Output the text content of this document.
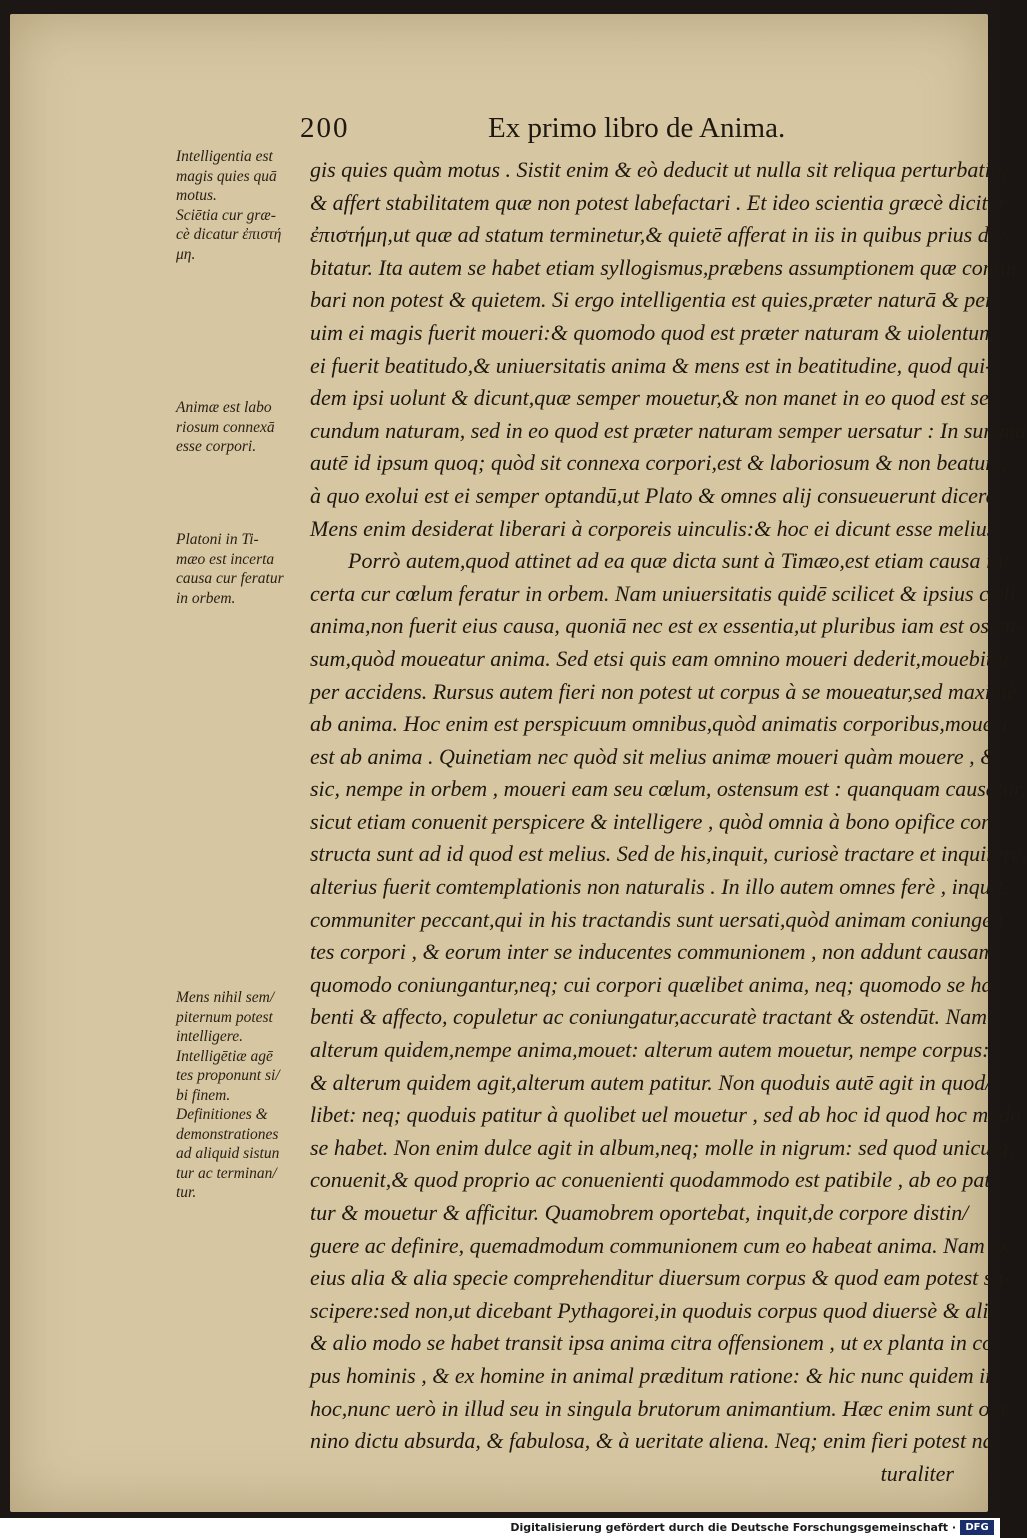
200	Ex primo libro de Anima.
gis quies quàm motus . Sistit enim & eò deducit ut nulla sit reliqua perturbatio,
& affert stabilitatem quæ non potest labefactari . Et ideo scientia græcè dicitur
ἐπιστήμη,ut quæ ad statum terminetur,& quietē afferat in iis in quibus prius du/
bitatur. Ita autem se habet etiam syllogismus,præbens assumptionem quæ contur
bari non potest & quietem. Si ergo intelligentia est quies,præter naturā & per
uim ei magis fuerit moueri:& quomodo quod est præter naturam & uiolentum
ei fuerit beatitudo,& uniuersitatis anima & mens est in beatitudine, quod qui-
dem ipsi uolunt & dicunt,quæ semper mouetur,& non manet in eo quod est se/
cundum naturam, sed in eo quod est præter naturam semper uersatur : In summa
autē id ipsum quoq; quòd sit connexa corpori,est & laboriosum & non beatum,
à quo exolui est ei semper optandū,ut Plato & omnes alij consueuerunt dicere.
Mens enim desiderat liberari à corporeis uinculis:& hoc ei dicunt esse melius.
Porrò autem,quod attinet ad ea quæ dicta sunt à Timæo,est etiam causa in/
certa cur cœlum feratur in orbem. Nam uniuersitatis quidē scilicet & ipsius cœli
anima,non fuerit eius causa, quoniā nec est ex essentia,ut pluribus iam est osten-
sum,quòd moueatur anima. Sed etsi quis eam omnino moueri dederit,mouebitur
per accidens. Rursus autem fieri non potest ut corpus à se moueatur,sed maximè
ab anima. Hoc enim est perspicuum omnibus,quòd animatis corporibus,moueri
est ab anima . Quinetiam nec quòd sit melius animæ moueri quàm mouere , &
sic, nempe in orbem , moueri eam seu cœlum, ostensum est : quanquam causatur,
sicut etiam conuenit perspicere & intelligere , quòd omnia à bono opifice con/
structa sunt ad id quod est melius. Sed de his,inquit, curiosè tractare et inquirere,
alterius fuerit comtemplationis non naturalis . In illo autem omnes ferè , inquit,
communiter peccant,qui in his tractandis sunt uersati,quòd animam coniungen
tes corpori , & eorum inter se inducentes communionem , non addunt causam
quomodo coniungantur,neq; cui corpori quælibet anima, neq; quomodo se ha-
benti & affecto, copuletur ac coniungatur,accuratè tractant & ostendūt. Nam
alterum quidem,nempe anima,mouet: alterum autem mouetur, nempe corpus:
& alterum quidem agit,alterum autem patitur. Non quoduis autē agit in quod/
libet: neq; quoduis patitur à quolibet uel mouetur , sed ab hoc id quod hoc modo
se habet. Non enim dulce agit in album,neq; molle in nigrum: sed quod unicuiq;
conuenit,& quod proprio ac conuenienti quodammodo est patibile , ab eo pati/
tur & mouetur & afficitur. Quamobrem oportebat, inquit,de corpore distin/
guere ac definire, quemadmodum communionem cum eo habeat anima. Nam ex
eius alia & alia specie comprehenditur diuersum corpus & quod eam potest su-
scipere:sed non,ut dicebant Pythagorei,in quoduis corpus quod diuersè & alio
& alio modo se habet transit ipsa anima citra offensionem , ut ex planta in cor/
pus hominis , & ex homine in animal præditum ratione: & hic nunc quidem in
hoc,nunc uerò in illud seu in singula brutorum animantium. Hæc enim sunt om/
nino dictu absurda, & fabulosa, & à ueritate aliena. Neq; enim fieri potest na/
turaliter
Intelligentia est
magis quies quā
motus.
Sciētia cur græ-
cè dicatur ἐπιστή
μη.
Animæ est labo
riosum connexā
esse corpori.
Platoni in Ti-
mæo est incerta
causa cur feratur
in orbem.
Mens nihil sem/
piternum potest
intelligere.
Intelligētiæ agē
tes proponunt si/
bi finem.
Definitiones &
demonstrationes
ad aliquid sistun
tur ac terminan/
tur.
Digitalisierung gefördert durch die Deutsche Forschungsgemeinschaft · DFG
